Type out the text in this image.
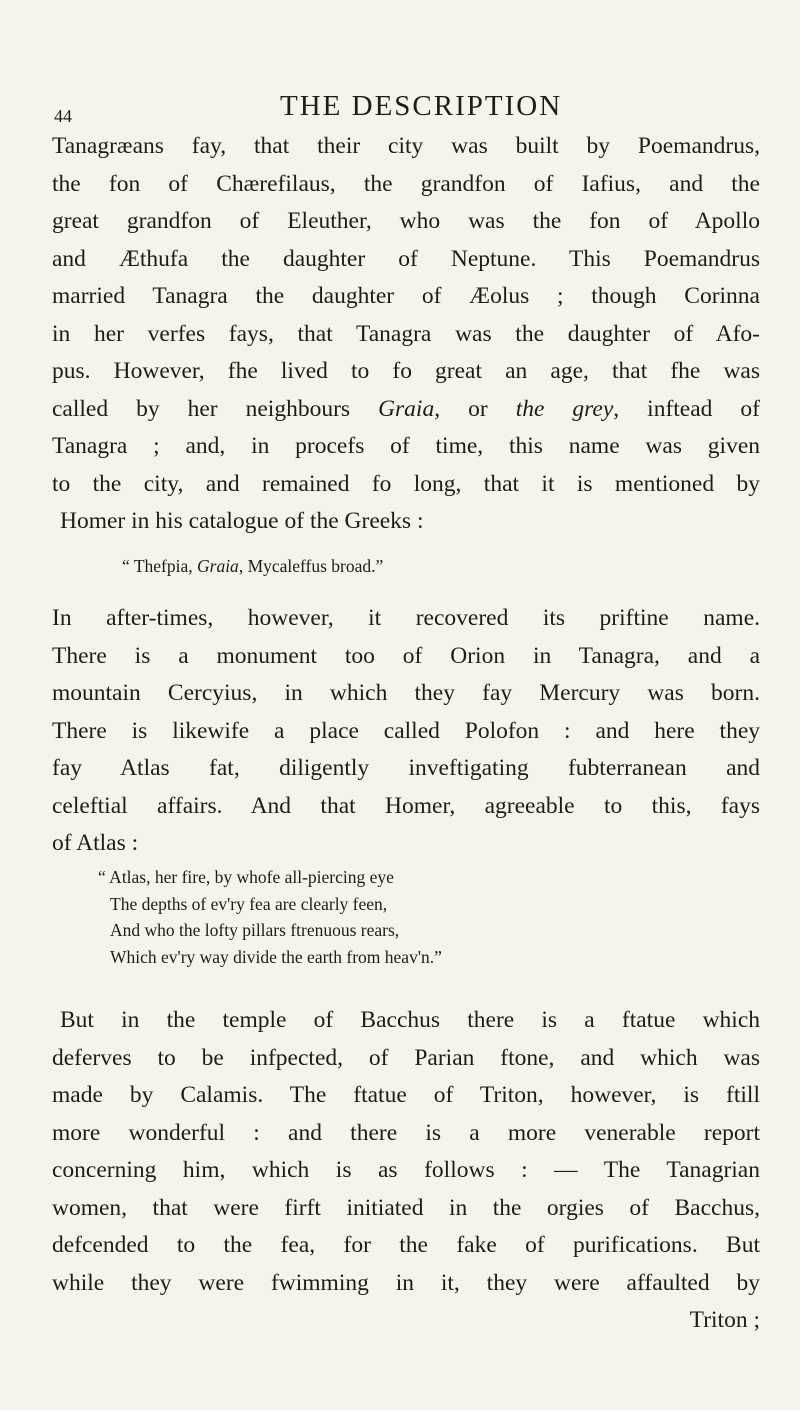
44	THE DESCRIPTION
Tanagræans fay, that their city was built by Poemandrus,
the fon of Chærefilaus, the grandfon of Iafius, and the
great grandfon of Eleuther, who was the fon of Apollo
and Æthufa the daughter of Neptune. This Poemandrus
married Tanagra the daughter of Æolus ; though Corinna
in her verfes fays, that Tanagra was the daughter of Afo-
pus. However, fhe lived to fo great an age, that fhe was
called by her neighbours Graia, or the grey, inftead of
Tanagra ; and, in procefs of time, this name was given
to the city, and remained fo long, that it is mentioned by
Homer in his catalogue of the Greeks :
“ Thefpia, Graia, Mycaleffus broad.”
In after-times, however, it recovered its priftine name.
There is a monument too of Orion in Tanagra, and a
mountain Cercyius, in which they fay Mercury was born.
There is likewife a place called Polofon : and here they
fay Atlas fat, diligently inveftigating fubterranean and
celeftial affairs. And that Homer, agreeable to this, fays
of Atlas :
“ Atlas, her fire, by whofe all-piercing eye
The depths of ev'ry fea are clearly feen,
And who the lofty pillars ftrenuous rears,
Which ev'ry way divide the earth from heav'n.”
But in the temple of Bacchus there is a ftatue which
deferves to be infpected, of Parian ftone, and which was
made by Calamis. The ftatue of Triton, however, is ftill
more wonderful : and there is a more venerable report
concerning him, which is as follows : — The Tanagrian
women, that were firft initiated in the orgies of Bacchus,
defcended to the fea, for the fake of purifications. But
while they were fwimming in it, they were affaulted by
Triton ;
